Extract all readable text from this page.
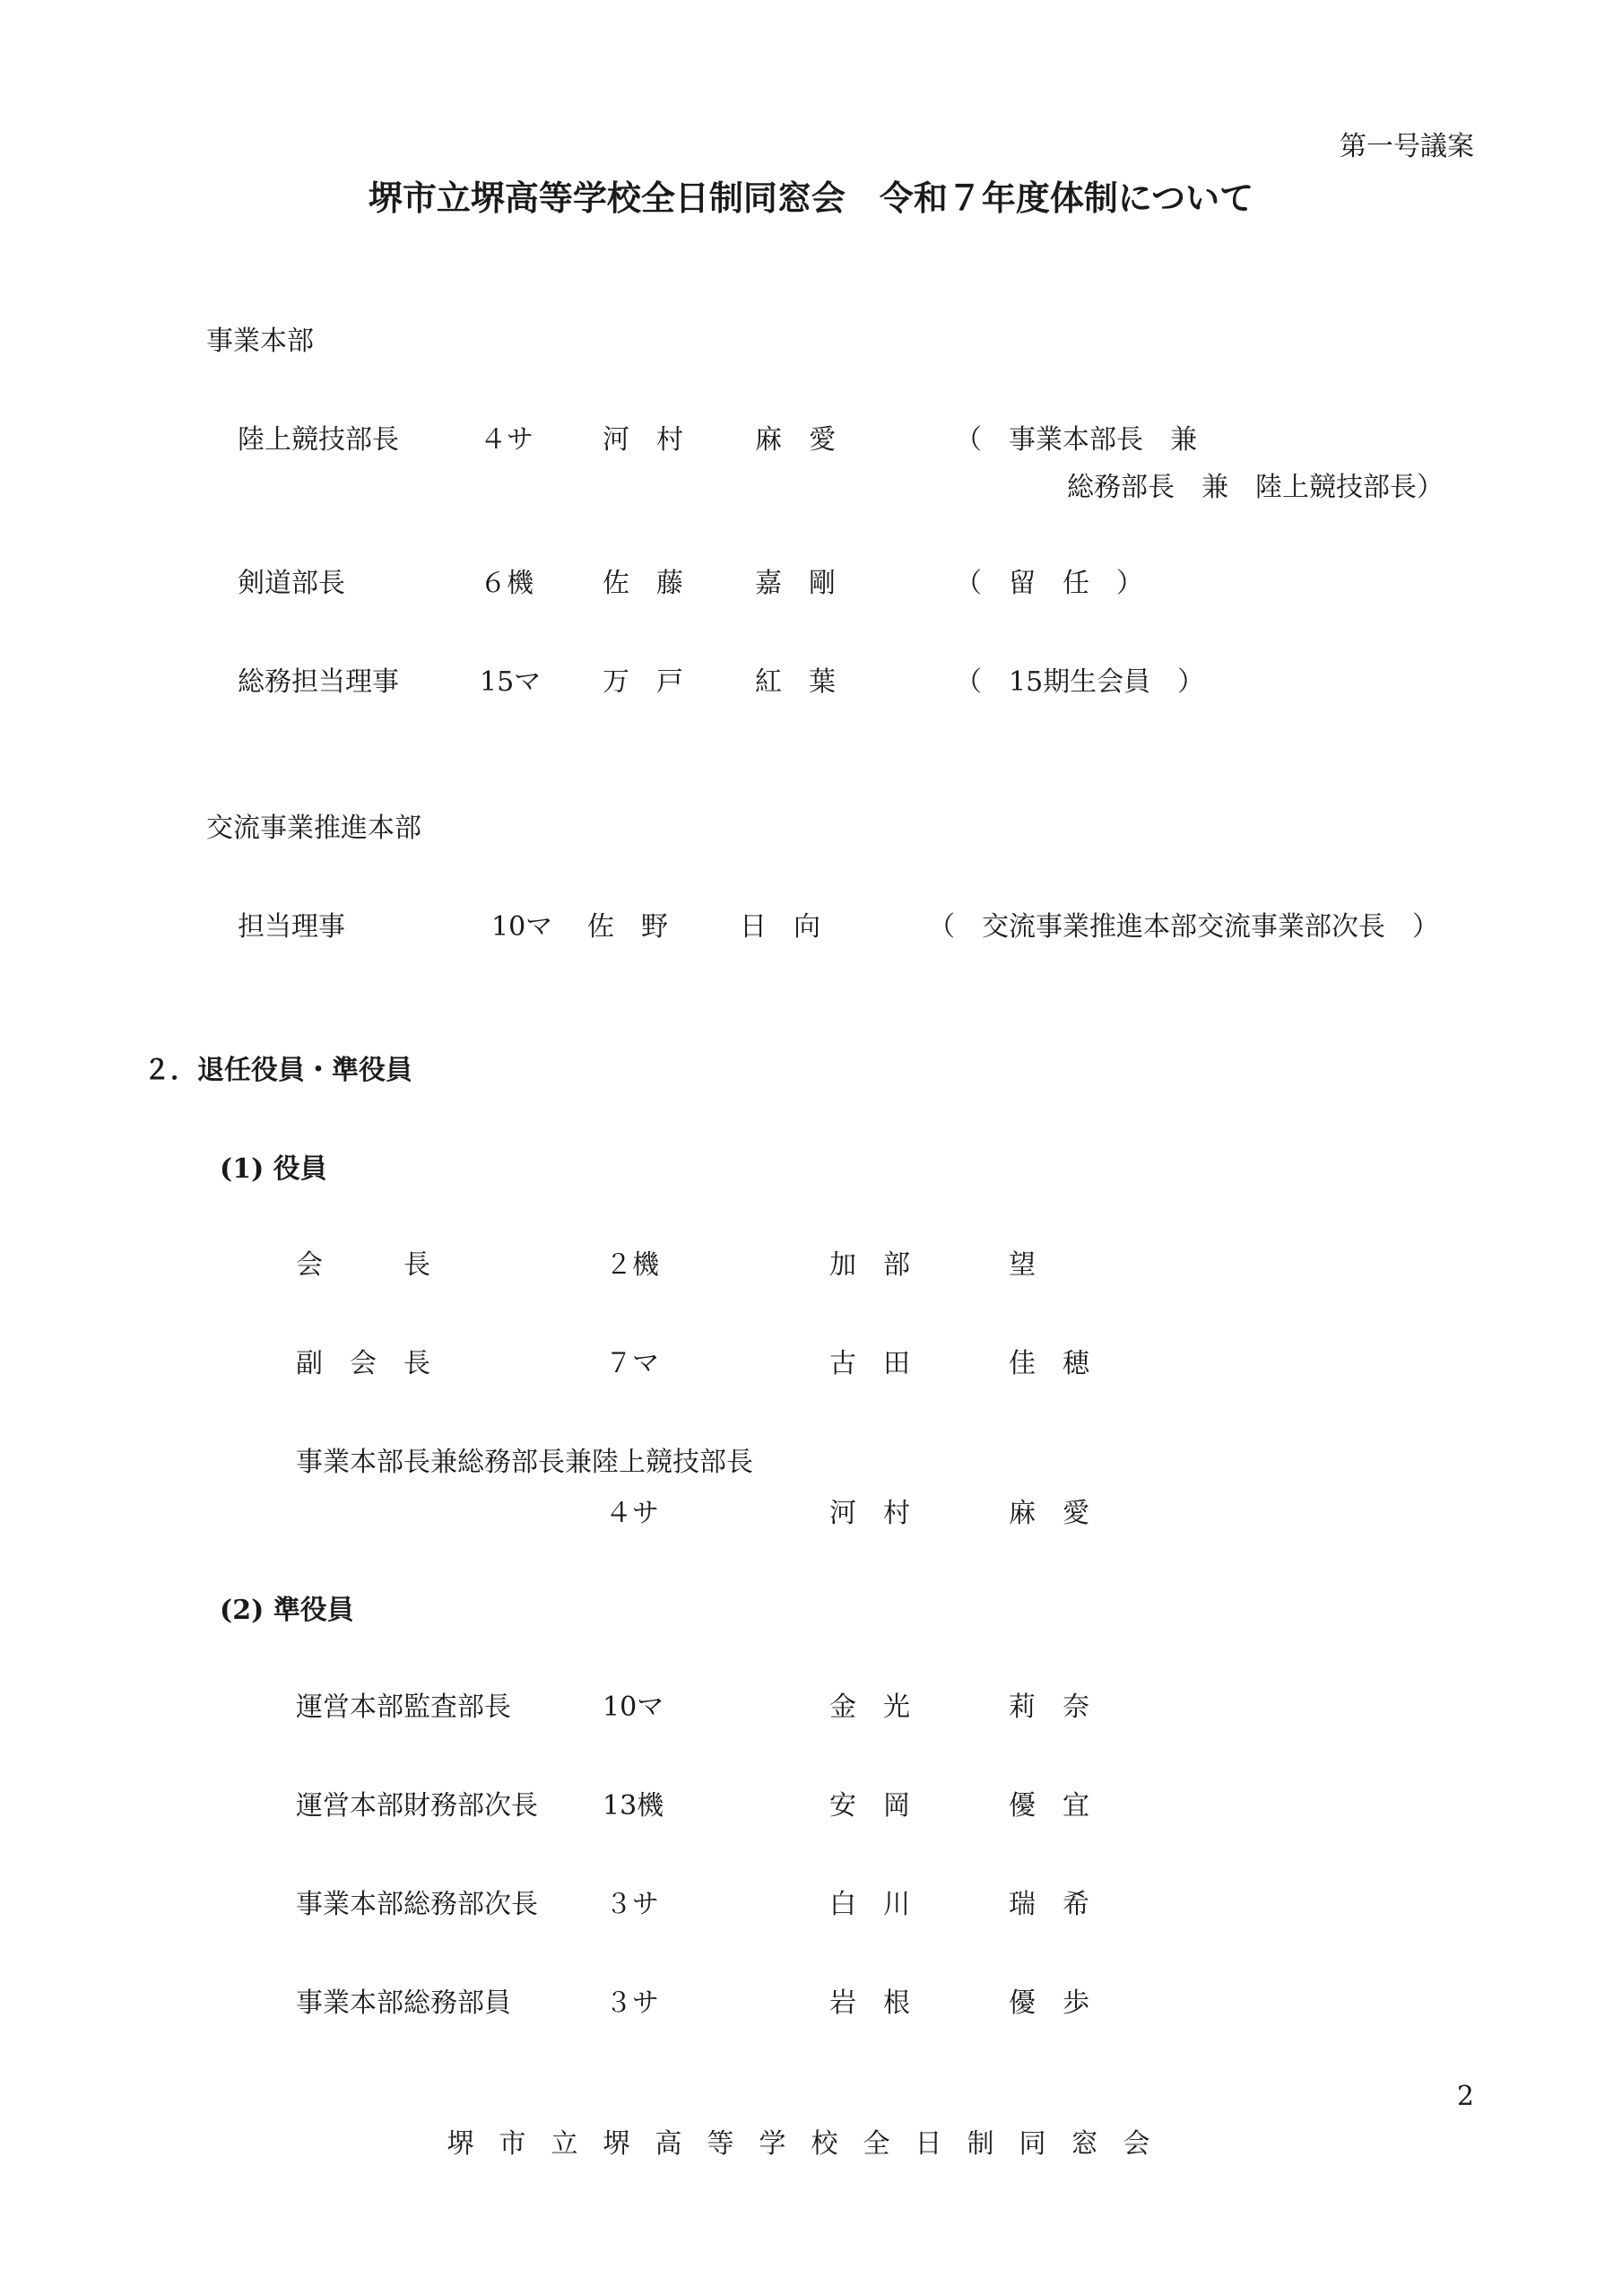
第一号議案
堺市立堺高等学校全日制同窓会　令和７年度体制について
事業本部
陸上競技部長	４サ	河　村	麻　愛	（　事業本部長　兼
総務部長　兼　陸上競技部長）
剣道部長	６機	佐　藤	嘉　剛	（　留　任　）
総務担当理事	15マ 万　戸	紅　葉	（　15期生会員　）
交流事業推進本部
担当理事	10マ 佐　野	日　向	（　交流事業推進本部交流事業部次長　）
２．退任役員・準役員
(1) 役員
会　　　長	２機	加　部	望
副　会　長	７マ	古　田	佳　穂
事業本部長兼総務部長兼陸上競技部長
４サ	河　村	麻　愛
(2) 準役員
運営本部監査部長	10マ	金　光	莉　奈
運営本部財務部次長 13機	安　岡	優　宜
事業本部総務部次長	３サ	白　川	瑞　希
事業本部総務部員	３サ	岩　根	優　歩
2
堺市立堺高等学校全日制同窓会
